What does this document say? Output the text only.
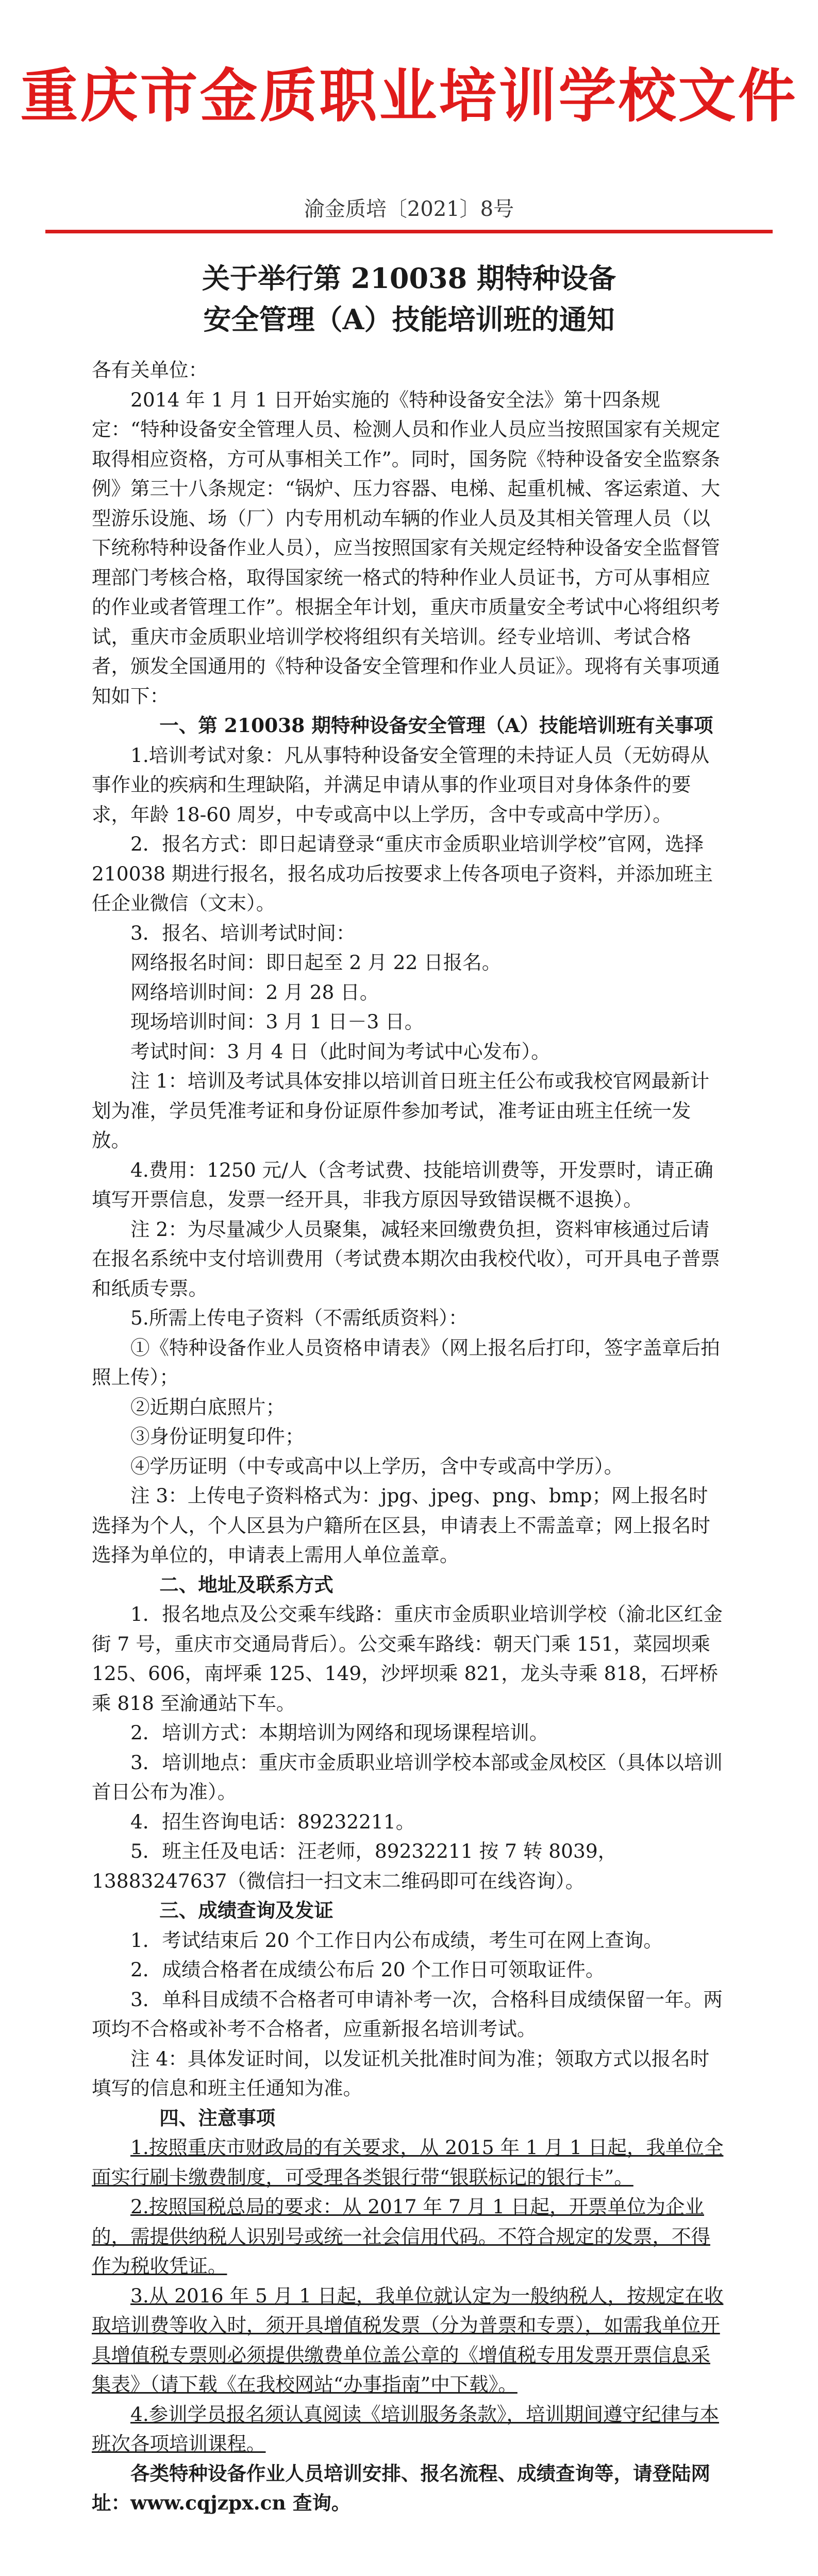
重庆市金质职业培训学校文件
渝金质培〔2021〕8号
关于举行第 210038 期特种设备
安全管理（A）技能培训班的通知

各有关单位：

2014 年 1 月 1 日开始实施的《特种设备安全法》第十四条规定：“特种设备安全管理人员、检测人员和作业人员应当按照国家有关规定取得相应资格，方可从事相关工作”。同时，国务院《特种设备安全监察条例》第三十八条规定：“锅炉、压力容器、电梯、起重机械、客运索道、大型游乐设施、场（厂）内专用机动车辆的作业人员及其相关管理人员（以下统称特种设备作业人员），应当按照国家有关规定经特种设备安全监督管理部门考核合格，取得国家统一格式的特种作业人员证书，方可从事相应的作业或者管理工作”。根据全年计划，重庆市质量安全考试中心将组织考试，重庆市金质职业培训学校将组织有关培训。经专业培训、考试合格者，颁发全国通用的《特种设备安全管理和作业人员证》。现将有关事项通知如下：

一、第 210038 期特种设备安全管理（A）技能培训班有关事项

1.培训考试对象：凡从事特种设备安全管理的未持证人员（无妨碍从事作业的疾病和生理缺陷，并满足申请从事的作业项目对身体条件的要求，年龄 18-60 周岁，中专或高中以上学历，含中专或高中学历）。

2．报名方式：即日起请登录“重庆市金质职业培训学校”官网，选择 210038 期进行报名，报名成功后按要求上传各项电子资料，并添加班主任企业微信（文末）。

3．报名、培训考试时间：

网络报名时间：即日起至 2 月 22 日报名。

网络培训时间：2 月 28 日。

现场培训时间：3 月 1 日－3 日。

考试时间：3 月 4 日（此时间为考试中心发布）。

注 1：培训及考试具体安排以培训首日班主任公布或我校官网最新计划为准，学员凭准考证和身份证原件参加考试，准考证由班主任统一发放。

4.费用：1250 元/人（含考试费、技能培训费等，开发票时，请正确填写开票信息，发票一经开具，非我方原因导致错误概不退换）。

注 2：为尽量减少人员聚集，减轻来回缴费负担，资料审核通过后请在报名系统中支付培训费用（考试费本期次由我校代收），可开具电子普票和纸质专票。

5.所需上传电子资料（不需纸质资料）：

①《特种设备作业人员资格申请表》（网上报名后打印，签字盖章后拍照上传）；

②近期白底照片；

③身份证明复印件；

④学历证明（中专或高中以上学历，含中专或高中学历）。

注 3：上传电子资料格式为：jpg、jpeg、png、bmp；网上报名时选择为个人，个人区县为户籍所在区县，申请表上不需盖章；网上报名时选择为单位的，申请表上需用人单位盖章。

二、地址及联系方式

1．报名地点及公交乘车线路：重庆市金质职业培训学校（渝北区红金街 7 号，重庆市交通局背后）。公交乘车路线：朝天门乘 151，菜园坝乘 125、606，南坪乘 125、149，沙坪坝乘 821，龙头寺乘 818，石坪桥乘 818 至渝通站下车。

2．培训方式：本期培训为网络和现场课程培训。

3．培训地点：重庆市金质职业培训学校本部或金凤校区（具体以培训首日公布为准）。

4．招生咨询电话：89232211。

5．班主任及电话：汪老师，89232211 按 7 转 8039，13883247637（微信扫一扫文末二维码即可在线咨询）。

三、成绩查询及发证

1．考试结束后 20 个工作日内公布成绩，考生可在网上查询。

2．成绩合格者在成绩公布后 20 个工作日可领取证件。

3．单科目成绩不合格者可申请补考一次，合格科目成绩保留一年。两项均不合格或补考不合格者，应重新报名培训考试。

注 4：具体发证时间，以发证机关批准时间为准；领取方式以报名时填写的信息和班主任通知为准。

四、注意事项

1.按照重庆市财政局的有关要求，从 2015 年 1 月 1 日起，我单位全面实行刷卡缴费制度，可受理各类银行带“银联标记的银行卡”。

2.按照国税总局的要求：从 2017 年 7 月 1 日起，开票单位为企业的，需提供纳税人识别号或统一社会信用代码。不符合规定的发票，不得作为税收凭证。

3.从 2016 年 5 月 1 日起，我单位就认定为一般纳税人，按规定在收取培训费等收入时，须开具增值税发票（分为普票和专票），如需我单位开具增值税专票则必须提供缴费单位盖公章的《增值税专用发票开票信息采集表》（请下载《在我校网站“办事指南”中下载》。

4.参训学员报名须认真阅读《培训服务条款》，培训期间遵守纪律与本班次各项培训课程。

各类特种设备作业人员培训安排、报名流程、成绩查询等，请登陆网址：www.cqjzpx.cn 查询。
